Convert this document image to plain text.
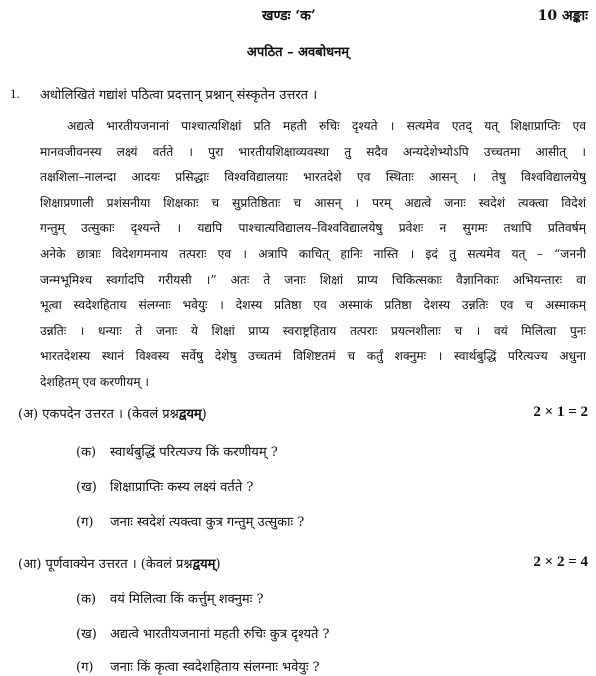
खण्डः ‘क’	10 अङ्काः
अपठित – अवबोधनम्
1. अधोलिखितं गद्यांशं पठित्वा प्रदत्तान् प्रश्नान् संस्कृतेन उत्तरत ।
अद्यत्वे भारतीयजनानां पाश्चात्यशिक्षां प्रति महती रुचिः दृश्यते । सत्यमेव एतद् यत् शिक्षाप्राप्तिः एव
मानवजीवनस्य लक्ष्यं वर्तते । पुरा भारतीयशिक्षाव्यवस्था तु सदैव अन्यदेशेभ्योऽपि उच्चतमा आसीत् ।
तक्षशिला–नालन्दा आदयः प्रसिद्धाः विश्वविद्यालयाः भारतदेशे एव स्थिताः आसन् । तेषु विश्वविद्यालयेषु
शिक्षाप्रणाली प्रशंसनीया शिक्षकाः च सुप्रतिष्ठिताः च आसन् । परम् अद्यत्वे जनाः स्वदेशं त्यक्त्वा विदेशं
गन्तुम् उत्सुकाः दृश्यन्ते । यद्यपि पाश्चात्यविद्यालय–विश्वविद्यालयेषु प्रवेशः न सुगमः तथापि प्रतिवर्षम्
अनेके छात्राः विदेशगमनाय तत्पराः एव । अत्रापि काचित् हानिः नास्ति । इदं तु सत्यमेव यत् – “जननी
जन्मभूमिश्च स्वर्गादपि गरीयसी ।” अतः ते जनाः शिक्षां प्राप्य चिकित्सकाः वैज्ञानिकाः अभियन्तारः वा
भूत्वा स्वदेशहिताय संलग्नाः भवेयुः । देशस्य प्रतिष्ठा एव अस्माकं प्रतिष्ठा देशस्य उन्नतिः एव च अस्माकम्
उन्नतिः । धन्याः ते जनाः ये शिक्षां प्राप्य स्वराष्ट्रहिताय तत्पराः प्रयत्नशीलाः च । वयं मिलित्वा पुनः
भारतदेशस्य स्थानं विश्वस्य सर्वेषु देशेषु उच्चतमं विशिष्टतमं च कर्तुं शक्नुमः । स्वार्थबुद्धिं परित्यज्य अधुना
देशहितम् एव करणीयम् ।
(अ) एकपदेन उत्तरत । (केवलं प्रश्नद्वयम्)	2 × 1 = 2
(क) स्वार्थबुद्धिं परित्यज्य किं करणीयम् ?
(ख) शिक्षाप्राप्तिः कस्य लक्ष्यं वर्तते ?
(ग) जनाः स्वदेशं त्यक्त्वा कुत्र गन्तुम् उत्सुकाः ?
(आ) पूर्णवाक्येन उत्तरत । (केवलं प्रश्नद्वयम्)	2 × 2 = 4
(क) वयं मिलित्वा किं कर्त्तुम् शक्नुमः ?
(ख) अद्यत्वे भारतीयजनानां महती रुचिः कुत्र दृश्यते ?
(ग) जनाः किं कृत्वा स्वदेशहिताय संलग्नाः भवेयुः ?
